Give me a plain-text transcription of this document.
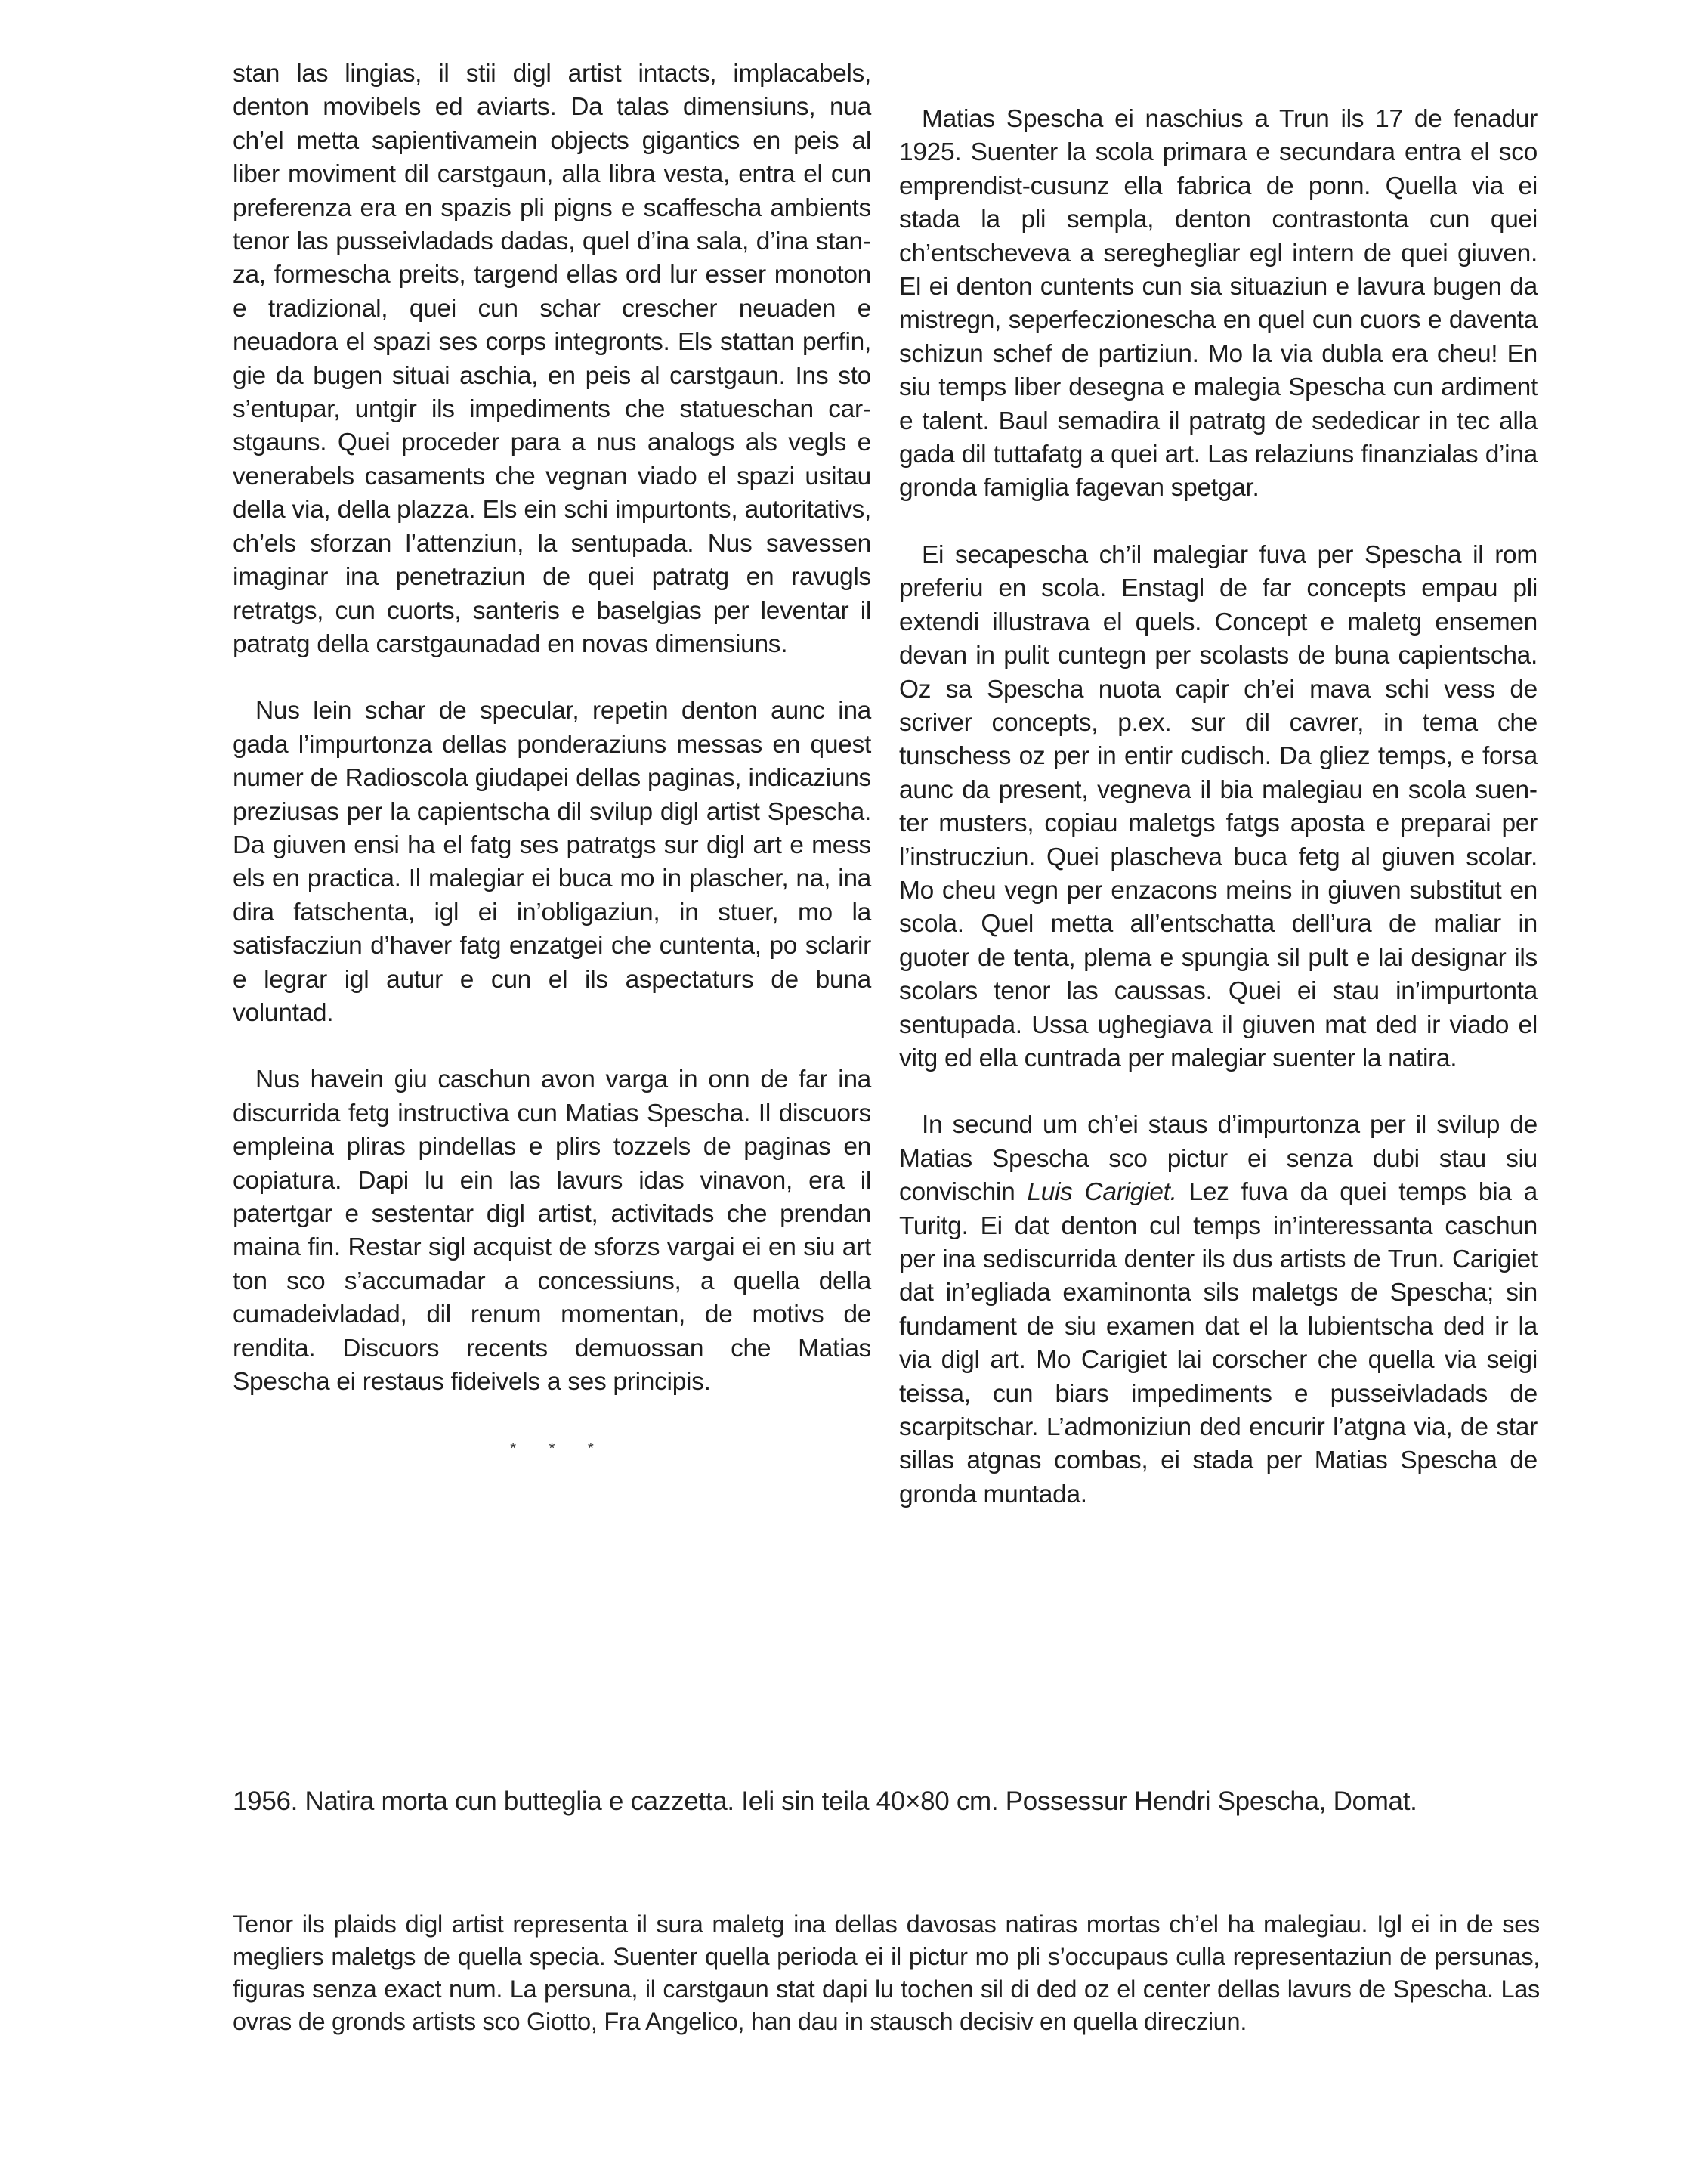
stan las lingias, il stii digl artist intacts, implacabels, denton movibels ed aviarts. Da talas dimensiuns, nua ch’el metta sapientivamein objects gigantics en peis al liber moviment dil carstgaun, alla libra vesta, entra el cun preferenza era en spazis pli pigns e scaffescha ambients tenor las pusseivladads dadas, quel d’ina sala, d’ina stanza, formescha preits, targend ellas ord lur esser monoton e tradizional, quei cun schar crescher neuaden e neuadora el spazi ses corps integronts. Els stattan perfin, gie da bugen situai aschia, en peis al carstgaun. Ins sto s’entupar, untgir ils impediments che statueschan carstgauns. Quei proceder para a nus analogs als vegls e venerabels casaments che vegnan viado el spazi usitau della via, della plazza. Els ein schi impurtonts, autoritativs, ch’els sforzan l’attenziun, la sentupada. Nus savessen imaginar ina penetraziun de quei patratg en ravugls retratgs, cun cuorts, santeris e baselgias per leventar il patratg della carstgaunadad en novas dimensiuns.

Nus lein schar de specular, repetin denton aunc ina gada l’impurtonza dellas ponderaziuns messas en quest numer de Radioscola giudapei dellas paginas, indicaziuns preziusas per la capientscha dil svilup digl artist Spescha. Da giuven ensi ha el fatg ses patratgs sur digl art e mess els en practica. Il malegiar ei buca mo in plascher, na, ina dira fatschenta, igl ei in’obligaziun, in stuer, mo la satisfacziun d’haver fatg enzatgei che cuntenta, po sclarir e legrar igl autur e cun el ils aspectaturs de buna voluntad.

Nus havein giu caschun avon varga in onn de far ina discurrida fetg instructiva cun Matias Spescha. Il discuors empleina pliras pindellas e plirs tozzels de paginas en copiatura. Dapi lu ein las lavurs idas vinavon, era il patertgar e sestentar digl artist, activitads che prendan maina fin. Restar sigl acquist de sforzs vargai ei en siu art ton sco s’accumadar a concessiuns, a quella della cumadeivladad, dil renum momentan, de motivs de rendita. Discuors recents demuossan che Matias Spescha ei restaus fideivels a ses principis.

* * *

Matias Spescha ei naschius a Trun ils 17 de fenadur 1925. Suenter la scola primara e secundara entra el sco emprendist-cusunz ella fabrica de ponn. Quella via ei stada la pli sempla, denton contrastonta cun quei ch’entscheveva a sereghegliar egl intern de quei giuven. El ei denton cuntents cun sia situaziun e lavura bugen da mistregn, seperfeczionescha en quel cun cuors e daventa schizun schef de partiziun. Mo la via dubla era cheu! En siu temps liber desegna e malegia Spescha cun ardiment e talent. Baul semadira il patratg de sededicar in tec alla gada dil tuttafatg a quei art. Las relaziuns finanzialas d’ina gronda famiglia fagevan spetgar.

Ei secapescha ch’il malegiar fuva per Spescha il rom preferiu en scola. Enstagl de far concepts empau pli extendi illustrava el quels. Concept e maletg ensemen devan in pulit cuntegn per scolasts de buna capientscha. Oz sa Spescha nuota capir ch’ei mava schi vess de scriver concepts, p.ex. sur dil cavrer, in tema che tunschess oz per in entir cudisch. Da gliez temps, e forsa aunc da present, vegneva il bia malegiau en scola suenter musters, copiau maletgs fatgs aposta e preparai per l’instrucziun. Quei plascheva buca fetg al giuven scolar. Mo cheu vegn per enzacons meins in giuven substitut en scola. Quel metta all’entschatta dell’ura de maliar in guoter de tenta, plema e spungia sil pult e lai designar ils scolars tenor las caussas. Quei ei stau in’impurtonta sentupada. Ussa ughegiava il giuven mat ded ir viado el vitg ed ella cuntrada per malegiar suenter la natira.

In secund um ch’ei staus d’impurtonza per il svilup de Matias Spescha sco pictur ei senza dubi stau siu convischin Luis Carigiet. Lez fuva da quei temps bia a Turitg. Ei dat denton cul temps in’interessanta caschun per ina sediscurrida denter ils dus artists de Trun. Carigiet dat in’egliada examinonta sils maletgs de Spescha; sin fundament de siu examen dat el la lubientscha ded ir la via digl art. Mo Carigiet lai corscher che quella via seigi teissa, cun biars impediments e pusseivladads de scarpitschar. L’admoniziun ded encurir l’atgna via, de star sillas atgnas combas, ei stada per Matias Spescha de gronda muntada.

1956. Natira morta cun butteglia e cazzetta. Ieli sin teila 40×80 cm. Possessur Hendri Spescha, Domat.
Tenor ils plaids digl artist representa il sura maletg ina dellas davosas natiras mortas ch’el ha malegiau. Igl ei in de ses megliers maletgs de quella specia. Suenter quella perioda ei il pictur mo pli s’occupaus culla representaziun de persunas, figuras senza exact num. La persuna, il carstgaun stat dapi lu tochen sil di ded oz el center dellas lavurs de Spescha. Las ovras de gronds artists sco Giotto, Fra Angelico, han dau in stausch decisiv en quella direcziun.
